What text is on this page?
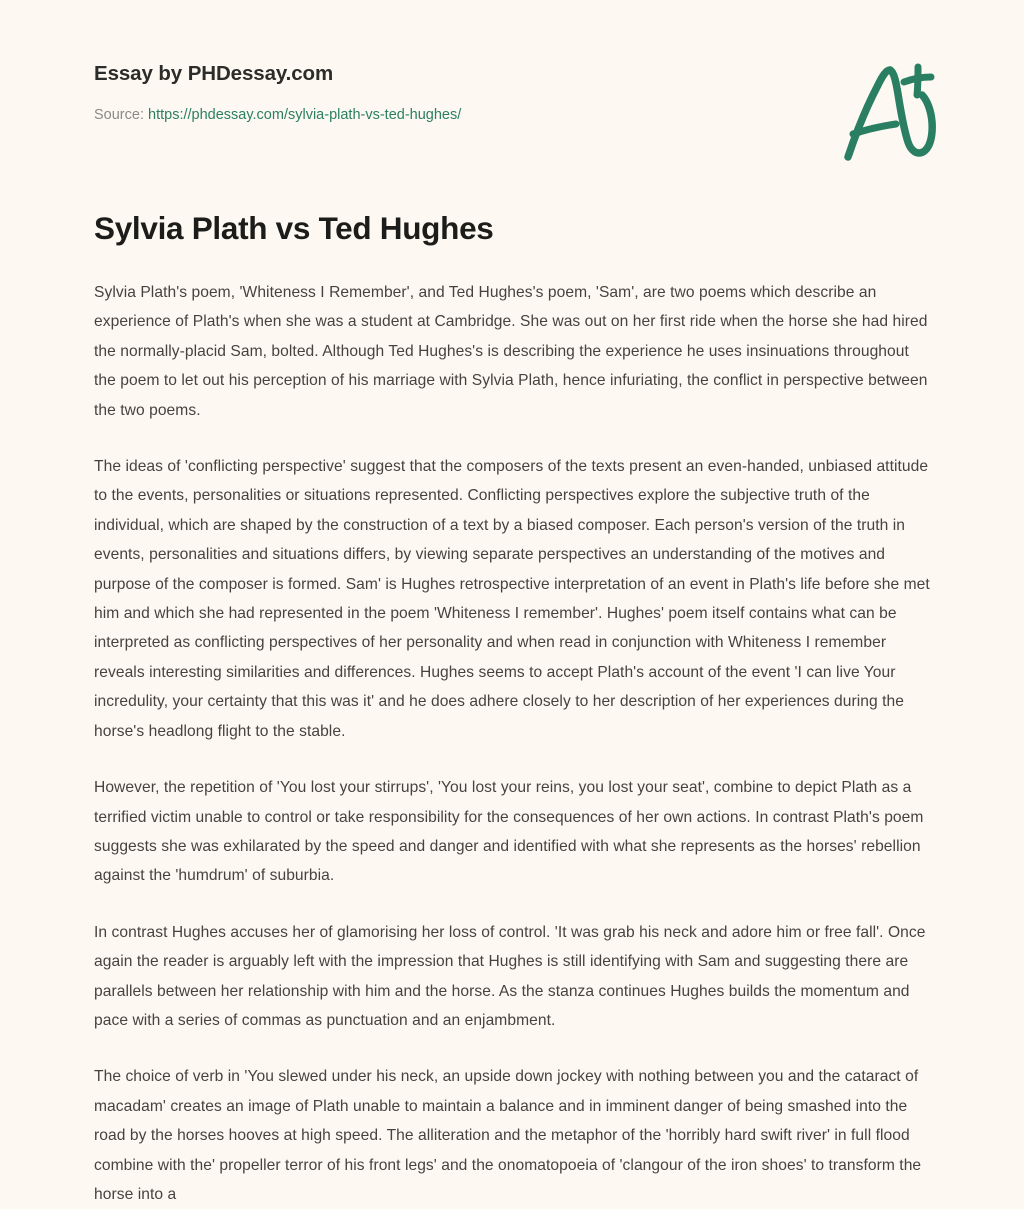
Essay by PHDessay.com
Source: https://phdessay.com/sylvia-plath-vs-ted-hughes/
Sylvia Plath vs Ted Hughes

Sylvia Plath's poem, 'Whiteness I Remember', and Ted Hughes's poem, 'Sam', are two poems which describe an experience of Plath's when she was a student at Cambridge. She was out on her first ride when the horse she had hired the normally-placid Sam, bolted. Although Ted Hughes's is describing the experience he uses insinuations throughout the poem to let out his perception of his marriage with Sylvia Plath, hence infuriating, the conflict in perspective between the two poems.

The ideas of 'conflicting perspective' suggest that the composers of the texts present an even-handed, unbiased attitude to the events, personalities or situations represented. Conflicting perspectives explore the subjective truth of the individual, which are shaped by the construction of a text by a biased composer. Each person's version of the truth in events, personalities and situations differs, by viewing separate perspectives an understanding of the motives and purpose of the composer is formed. Sam' is Hughes retrospective interpretation of an event in Plath's life before she met him and which she had represented in the poem 'Whiteness I remember'. Hughes' poem itself contains what can be interpreted as conflicting perspectives of her personality and when read in conjunction with Whiteness I remember reveals interesting similarities and differences. Hughes seems to accept Plath's account of the event 'I can live Your incredulity, your certainty that this was it' and he does adhere closely to her description of her experiences during the horse's headlong flight to the stable.

However, the repetition of 'You lost your stirrups', 'You lost your reins, you lost your seat', combine to depict Plath as a terrified victim unable to control or take responsibility for the consequences of her own actions. In contrast Plath's poem suggests she was exhilarated by the speed and danger and identified with what she represents as the horses' rebellion against the 'humdrum' of suburbia.

In contrast Hughes accuses her of glamorising her loss of control. 'It was grab his neck and adore him or free fall'. Once again the reader is arguably left with the impression that Hughes is still identifying with Sam and suggesting there are parallels between her relationship with him and the horse. As the stanza continues Hughes builds the momentum and pace with a series of commas as punctuation and an enjambment.

The choice of verb in 'You slewed under his neck, an upside down jockey with nothing between you and the cataract of macadam' creates an image of Plath unable to maintain a balance and in imminent danger of being smashed into the road by the horses hooves at high speed. The alliteration and the metaphor of the 'horribly hard swift river' in full flood combine with the' propeller terror of his front legs' and the onomatopoeia of 'clangour of the iron shoes' to transform the horse into a
